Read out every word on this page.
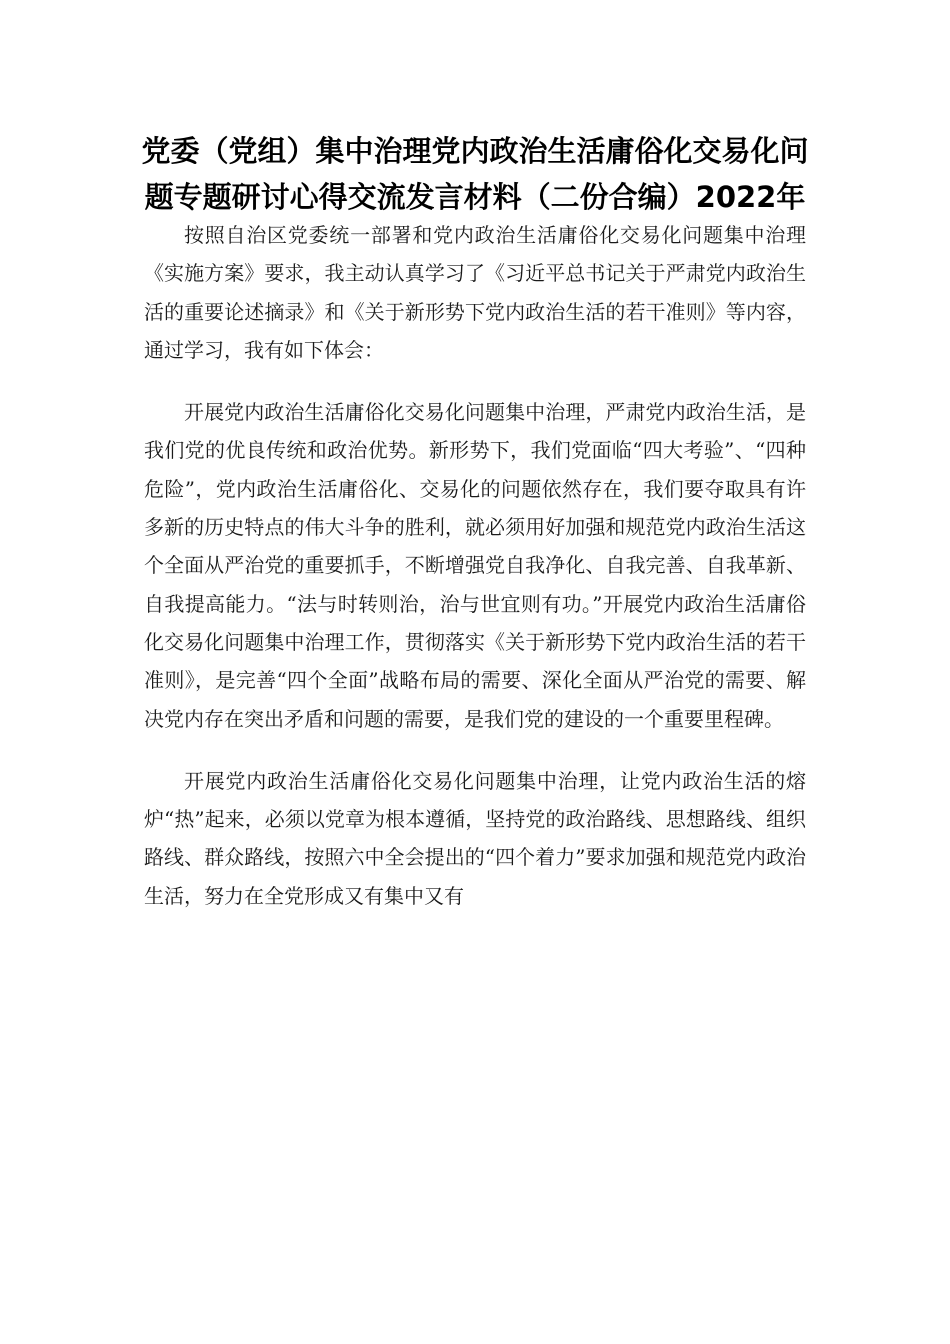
党委（党组）集中治理党内政治生活庸俗化交易化问题专题研讨心得交流发言材料（二份合编）2022年

按照自治区党委统一部署和党内政治生活庸俗化交易化问题集中治理《实施方案》要求，我主动认真学习了《习近平总书记关于严肃党内政治生活的重要论述摘录》和《关于新形势下党内政治生活的若干准则》等内容，通过学习，我有如下体会：

开展党内政治生活庸俗化交易化问题集中治理，严肃党内政治生活，是我们党的优良传统和政治优势。新形势下，我们党面临“四大考验”、“四种危险”，党内政治生活庸俗化、交易化的问题依然存在，我们要夺取具有许多新的历史特点的伟大斗争的胜利，就必须用好加强和规范党内政治生活这个全面从严治党的重要抓手，不断增强党自我净化、自我完善、自我革新、自我提高能力。“法与时转则治，治与世宜则有功。”开展党内政治生活庸俗化交易化问题集中治理工作，贯彻落实《关于新形势下党内政治生活的若干准则》，是完善“四个全面”战略布局的需要、深化全面从严治党的需要、解决党内存在突出矛盾和问题的需要，是我们党的建设的一个重要里程碑。

开展党内政治生活庸俗化交易化问题集中治理，让党内政治生活的熔炉“热”起来，必须以党章为根本遵循，坚持党的政治路线、思想路线、组织路线、群众路线，按照六中全会提出的“四个着力”要求加强和规范党内政治生活，努力在全党形成又有集中又有
